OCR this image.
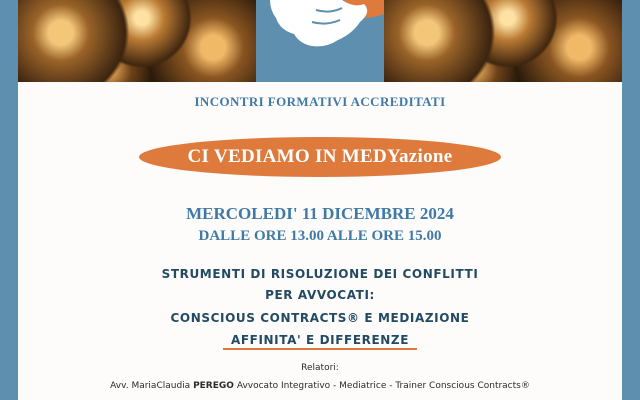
INCONTRI FORMATIVI ACCREDITATI
CI VEDIAMO IN MEDYazione
MERCOLEDI' 11 DICEMBRE 2024
DALLE ORE 13.00 ALLE ORE 15.00
STRUMENTI DI RISOLUZIONE DEI CONFLITTI
PER AVVOCATI:
CONSCIOUS CONTRACTS® E MEDIAZIONE
AFFINITA' E DIFFERENZE
Relatori:
Avv. MariaClaudia PEREGO Avvocato Integrativo - Mediatrice - Trainer Conscious Contracts®
